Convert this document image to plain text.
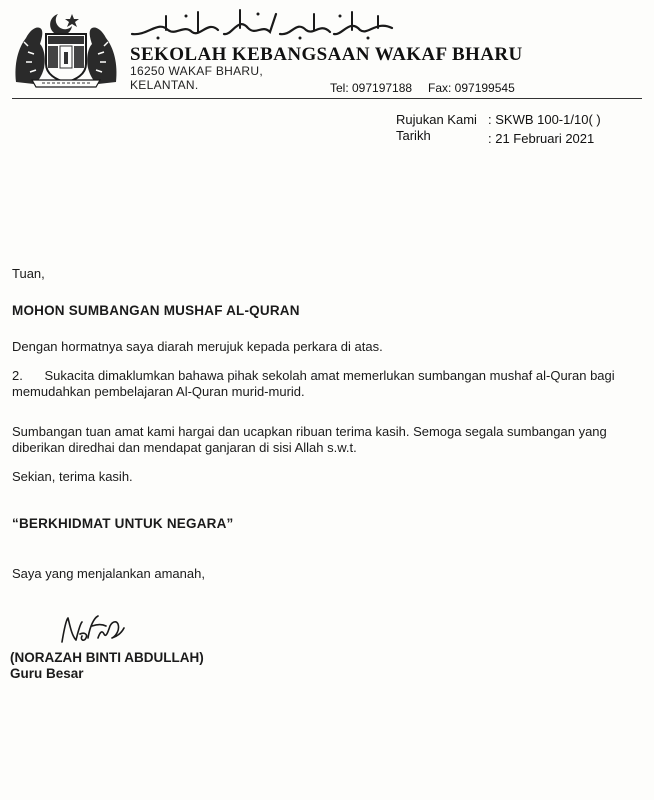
SEKOLAH KEBANGSAAN WAKAF BHARU
16250 WAKAF BHARU,
KELANTAN.	Tel: 097197188 Fax: 097199545
Rujukan Kami : SKWB 100-1/10( )
Tarikh	: 21 Februari 2021
Tuan,
MOHON SUMBANGAN MUSHAF AL-QURAN
Dengan hormatnya saya diarah merujuk kepada perkara di atas.
2.      Sukacita dimaklumkan bahawa pihak sekolah amat memerlukan sumbangan mushaf al-Quran bagi memudahkan pembelajaran Al-Quran murid-murid.
Sumbangan tuan amat kami hargai dan ucapkan ribuan terima kasih. Semoga segala sumbangan yang diberikan diredhai dan mendapat ganjaran di sisi Allah s.w.t.
Sekian, terima kasih.
“BERKHIDMAT UNTUK NEGARA”
Saya yang menjalankan amanah,
(NORAZAH BINTI ABDULLAH)
Guru Besar
